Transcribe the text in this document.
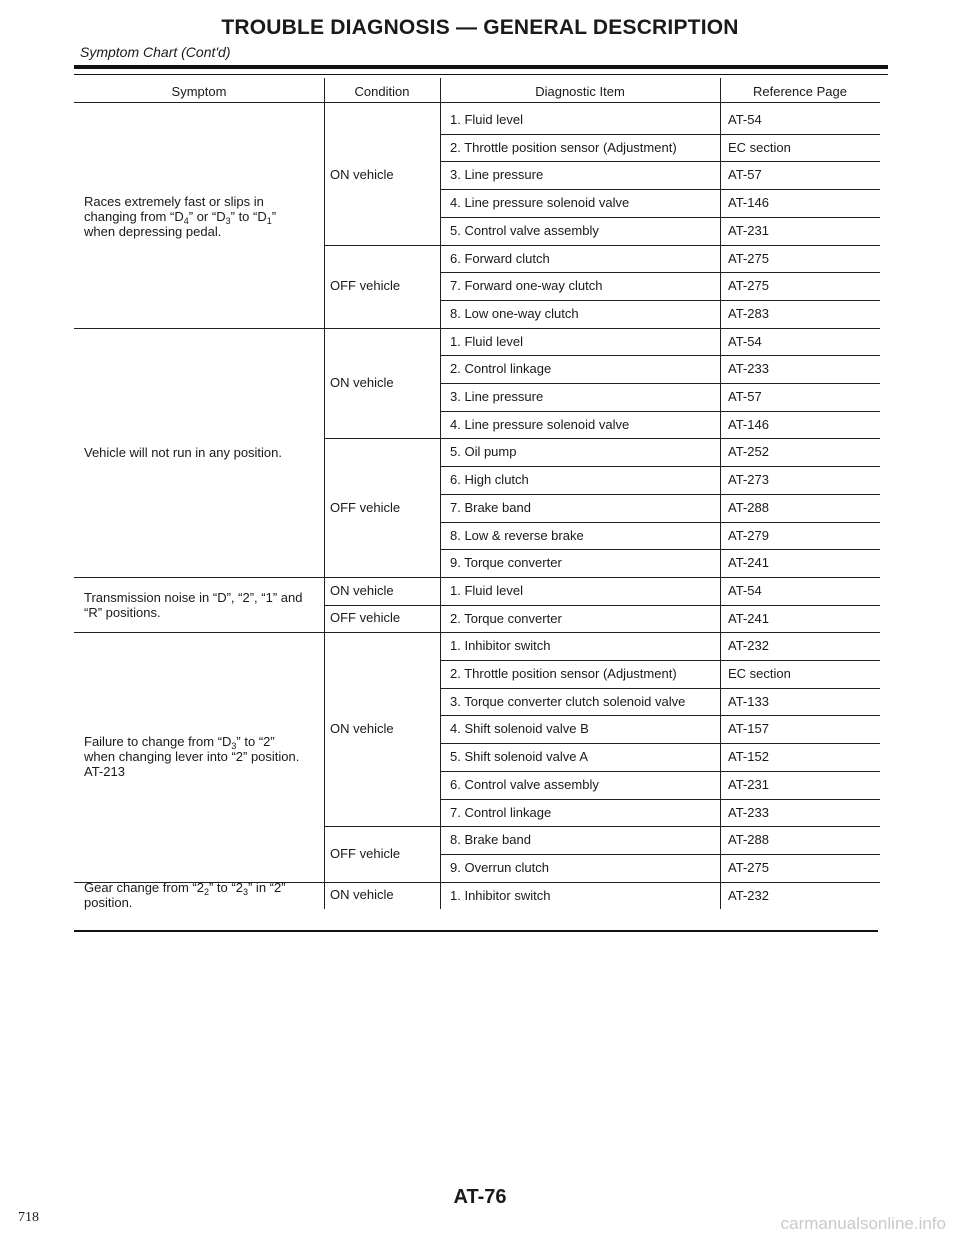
TROUBLE DIAGNOSIS — GENERAL DESCRIPTION
Symptom Chart (Cont'd)
Symptom	Condition	Diagnostic Item	Reference Page
Races extremely fast or slips in
changing from “$D_4$” or “$D_3$” to “$D_1$”
when depressing pedal.
ON vehicle
1. Fluid level	AT-54
2. Throttle position sensor (Adjustment)	EC section
3. Line pressure	AT-57
4. Line pressure solenoid valve	AT-146
5. Control valve assembly	AT-231
OFF vehicle
6. Forward clutch	AT-275
7. Forward one-way clutch	AT-275
8. Low one-way clutch	AT-283
Vehicle will not run in any position.
ON vehicle
1. Fluid level	AT-54
2. Control linkage	AT-233
3. Line pressure	AT-57
4. Line pressure solenoid valve	AT-146
OFF vehicle
5. Oil pump	AT-252
6. High clutch	AT-273
7. Brake band	AT-288
8. Low & reverse brake	AT-279
9. Torque converter	AT-241
Transmission noise in “D”, “2”, “1” and
“R” positions.
ON vehicle	1. Fluid level	AT-54
OFF vehicle	2. Torque converter	AT-241
Failure to change from “$D_3$” to “2”
when changing lever into “2” position.
AT-213
ON vehicle
1. Inhibitor switch	AT-232
2. Throttle position sensor (Adjustment)	EC section
3. Torque converter clutch solenoid valve	AT-133
4. Shift solenoid valve B	AT-157
5. Shift solenoid valve A	AT-152
6. Control valve assembly	AT-231
7. Control linkage	AT-233
OFF vehicle
8. Brake band	AT-288
9. Overrun clutch	AT-275
Gear change from “$2_2$” to “$2_3$” in “2”
position.
ON vehicle	1. Inhibitor switch	AT-232
AT-76
718	carmanualsonline.info
